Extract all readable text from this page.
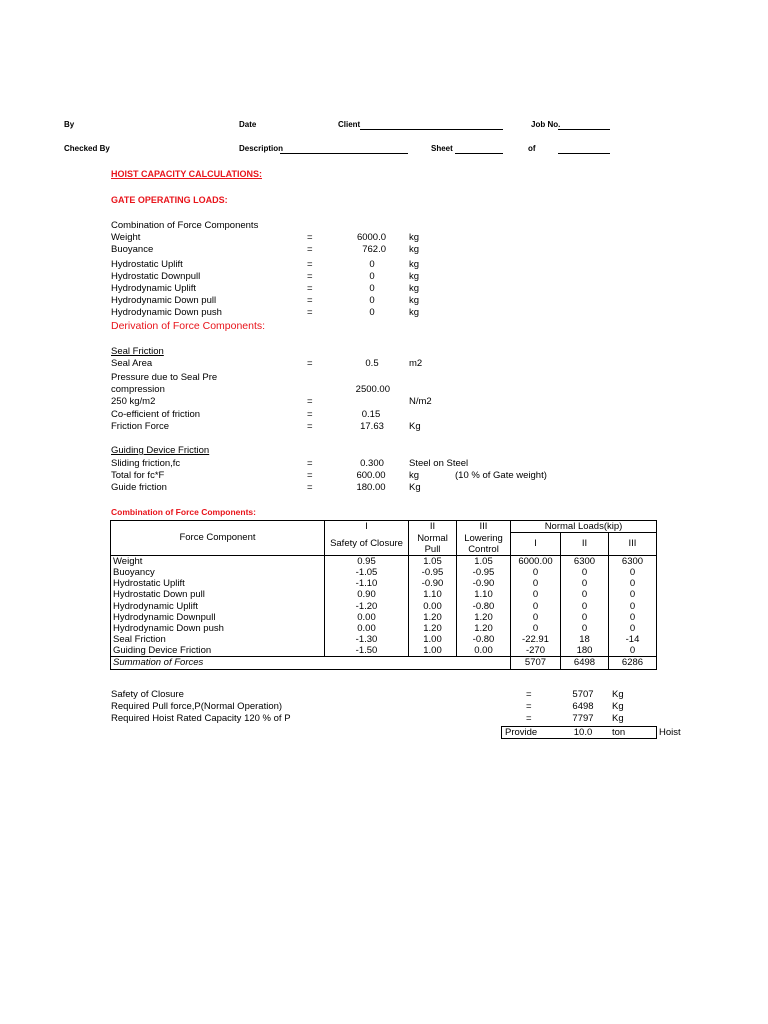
By	Date	Client	Job No.
Checked By	Description	Sheet	of
HOIST CAPACITY CALCULATIONS:
GATE OPERATING LOADS:
Combination of Force Components
Weight	=	6000.0 kg
Buoyance	=	762.0 kg
Hydrostatic Uplift	=	0	kg
Hydrostatic Downpull	=	0	kg
Hydrodynamic Uplift	=	0	kg
Hydrodynamic Down pull	=	0	kg
Hydrodynamic Down push	=	0	kg
Derivation of Force Components:
Seal Friction
Seal Area	=	0.5	m2
Pressure due to Seal Pre
compression	2500.00
250 kg/m2	=	N/m2
Co-efficient of friction	=	0.15
Friction Force	=	17.63	Kg
Guiding Device Friction
Sliding friction,fc	=	0.300	Steel on Steel
Total for fc*F	=	600.00	kg	(10 % of Gate weight)
Guide friction	=	180.00	Kg
Combination of Force Components:
Force Component	I	II	III	Normal Loads(kip)			
	Safety of Closure	Normal Pull	Lowering Control	I	II	III	

Weight	0.95	1.05	1.05	6000.00	6300	6300	
Buoyancy	-1.05	-0.95	-0.95	0	0	0	
Hydrostatic Uplift	-1.10	-0.90	-0.90	0	0	0	
Hydrostatic Down pull	0.90	1.10	1.10	0	0	0	
Hydrodynamic Uplift	-1.20	0.00	-0.80	0	0	0	
Hydrodynamic Downpull	0.00	1.20	1.20	0	0	0	
Hydrodynamic Down push	0.00	1.20	1.20	0	0	0	
Seal Friction	-1.30	1.00	-0.80	-22.91	18	-14	
Guiding Device Friction	-1.50	1.00	0.00	-270	180	0	
Summation of Forces				5707	6498	6286	
Safety of Closure	=	5707	Kg
Required Pull force,P(Normal Operation)	=	6498	Kg
Required Hoist Rated Capacity 120 % of P	=	7797	Kg
Provide	10.0	ton	Hoist
